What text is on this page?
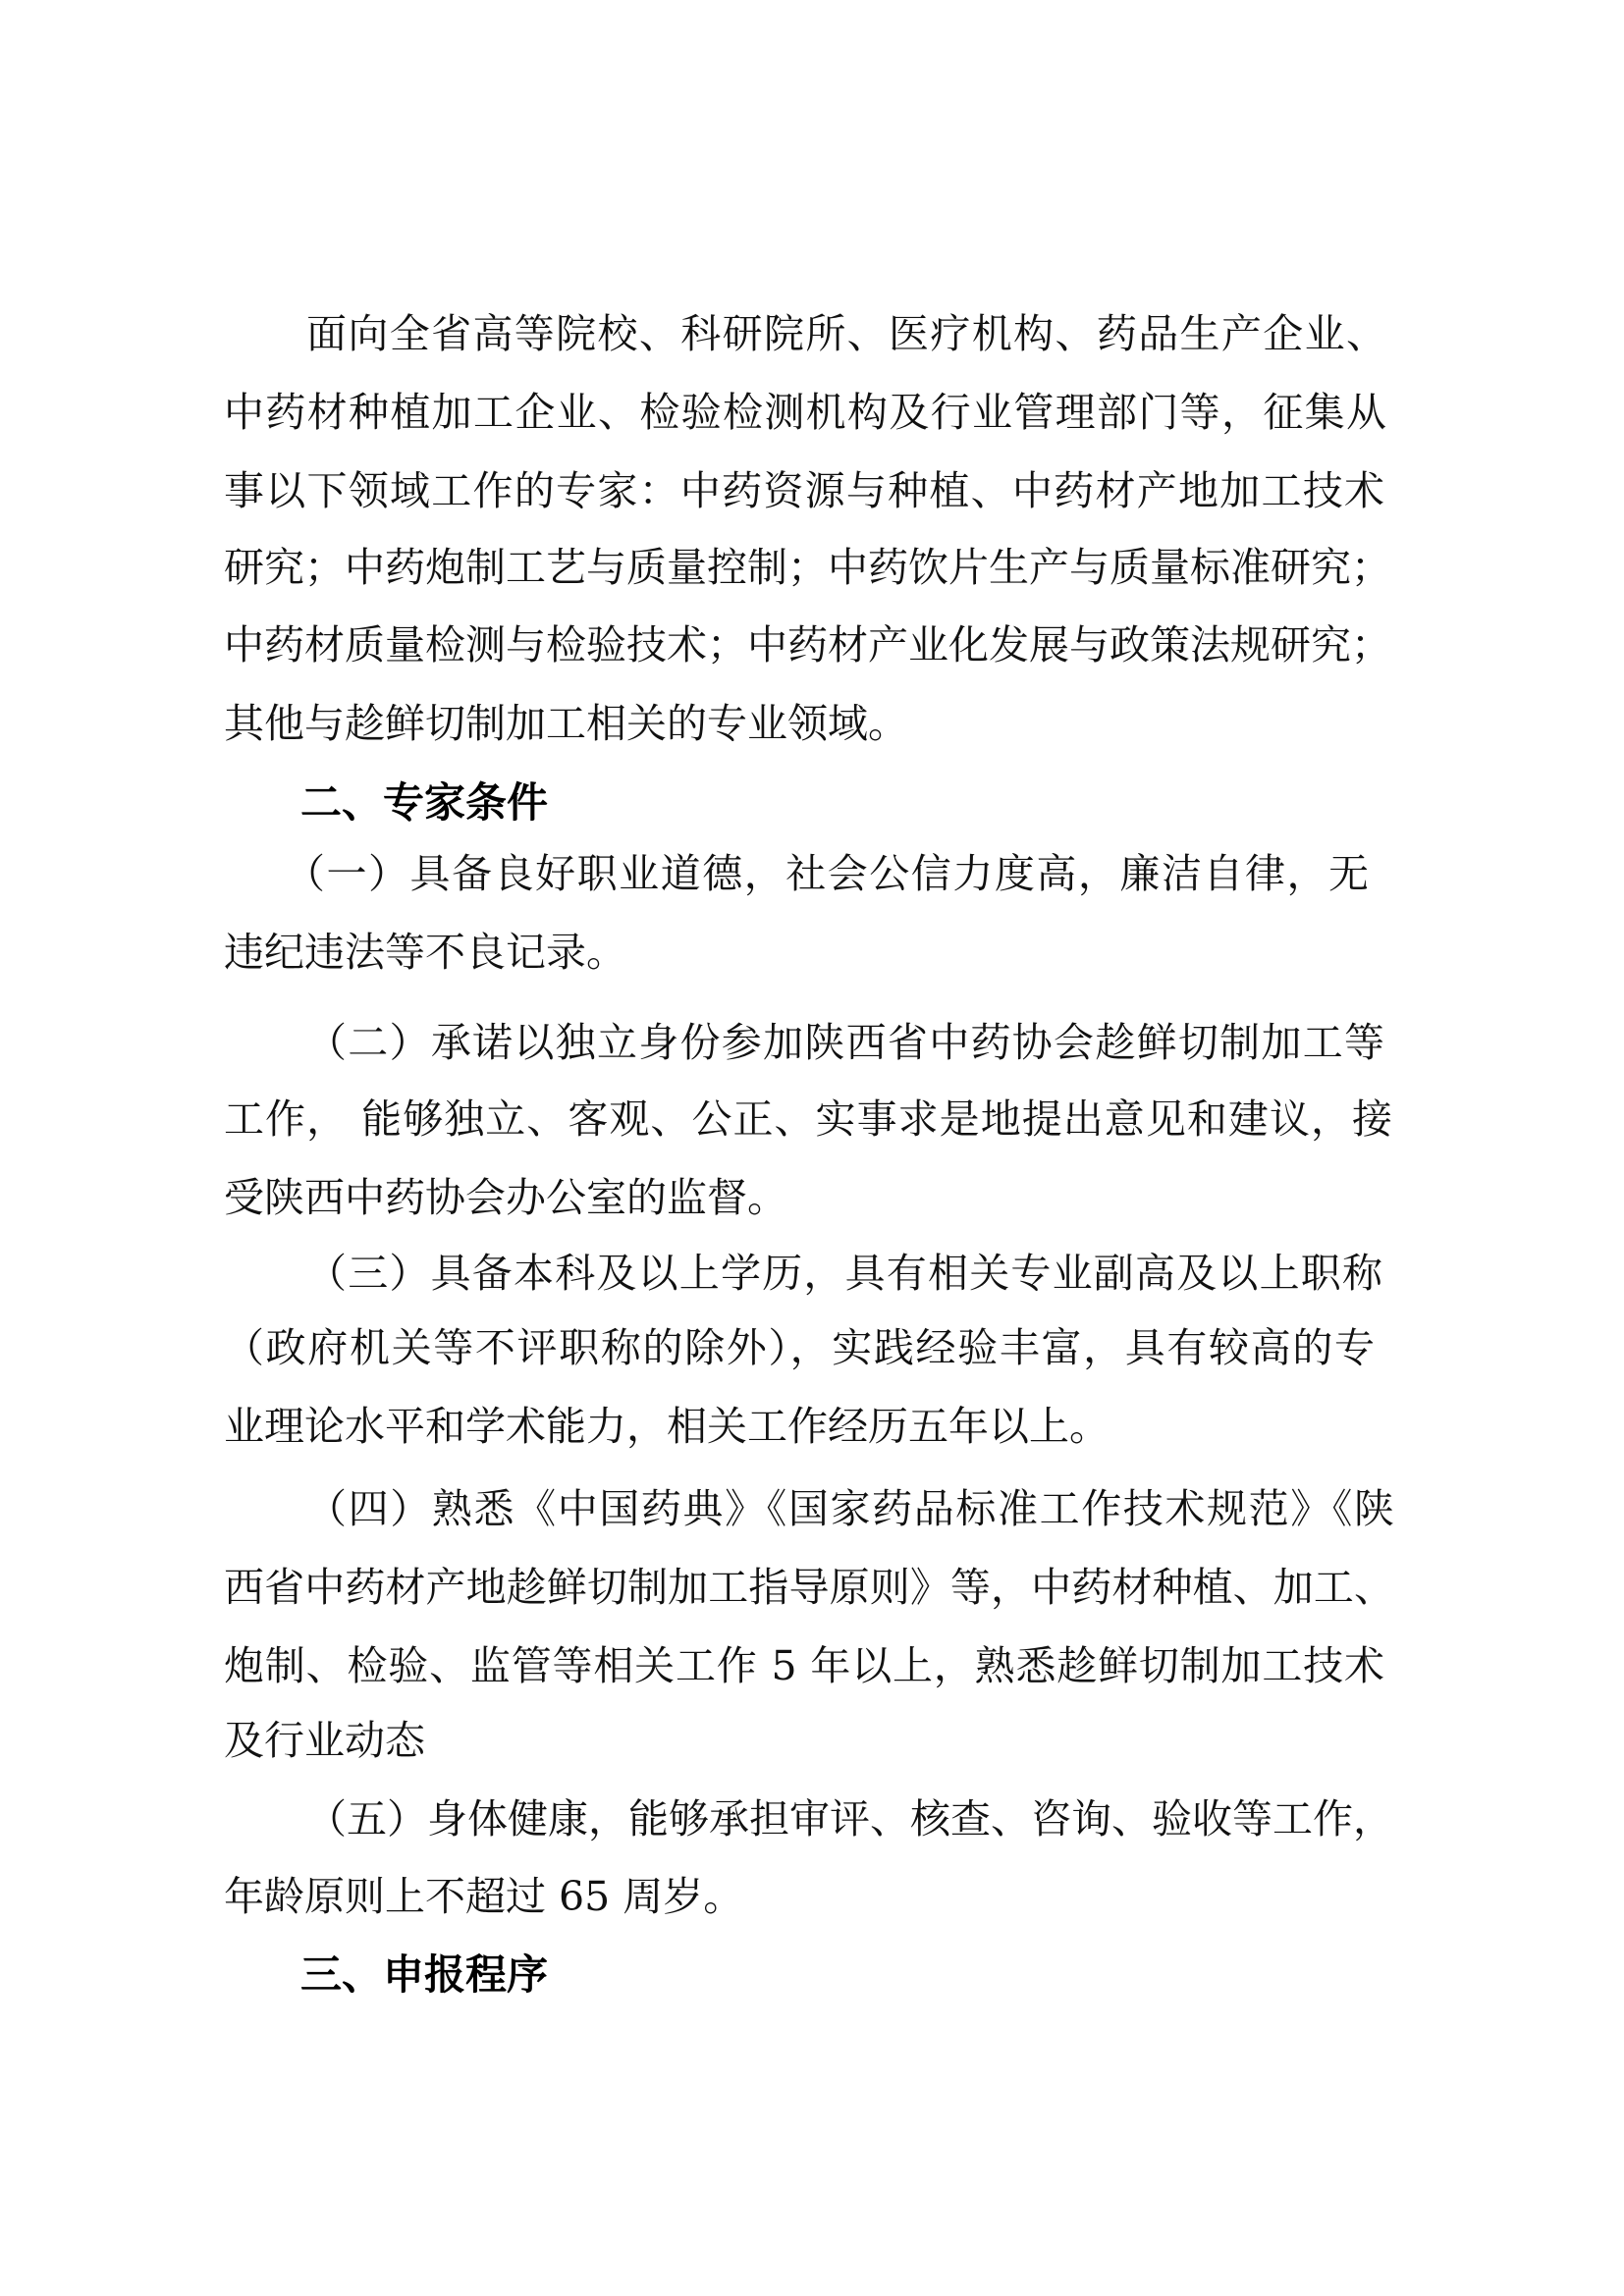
面向全省高等院校、科研院所、医疗机构、药品生产企业、
中药材种植加工企业、检验检测机构及行业管理部门等，征集从
事以下领域工作的专家：中药资源与种植、中药材产地加工技术
研究；中药炮制工艺与质量控制；中药饮片生产与质量标准研究；
中药材质量检测与检验技术；中药材产业化发展与政策法规研究；
其他与趁鲜切制加工相关的专业领域。
二、专家条件
（一）具备良好职业道德，社会公信力度高，廉洁自律，无
违纪违法等不良记录。
（二）承诺以独立身份参加陕西省中药协会趁鲜切制加工等
工作， 能够独立、客观、公正、实事求是地提出意见和建议，接
受陕西中药协会办公室的监督。
（三）具备本科及以上学历，具有相关专业副高及以上职称
（政府机关等不评职称的除外），实践经验丰富，具有较高的专
业理论水平和学术能力，相关工作经历五年以上。
（四）熟悉《中国药典》《国家药品标准工作技术规范》《陕
西省中药材产地趁鲜切制加工指导原则》等，中药材种植、加工、
炮制、检验、监管等相关工作 5 年以上，熟悉趁鲜切制加工技术
及行业动态
（五）身体健康，能够承担审评、核查、咨询、验收等工作，
年龄原则上不超过 65 周岁。
三、申报程序
